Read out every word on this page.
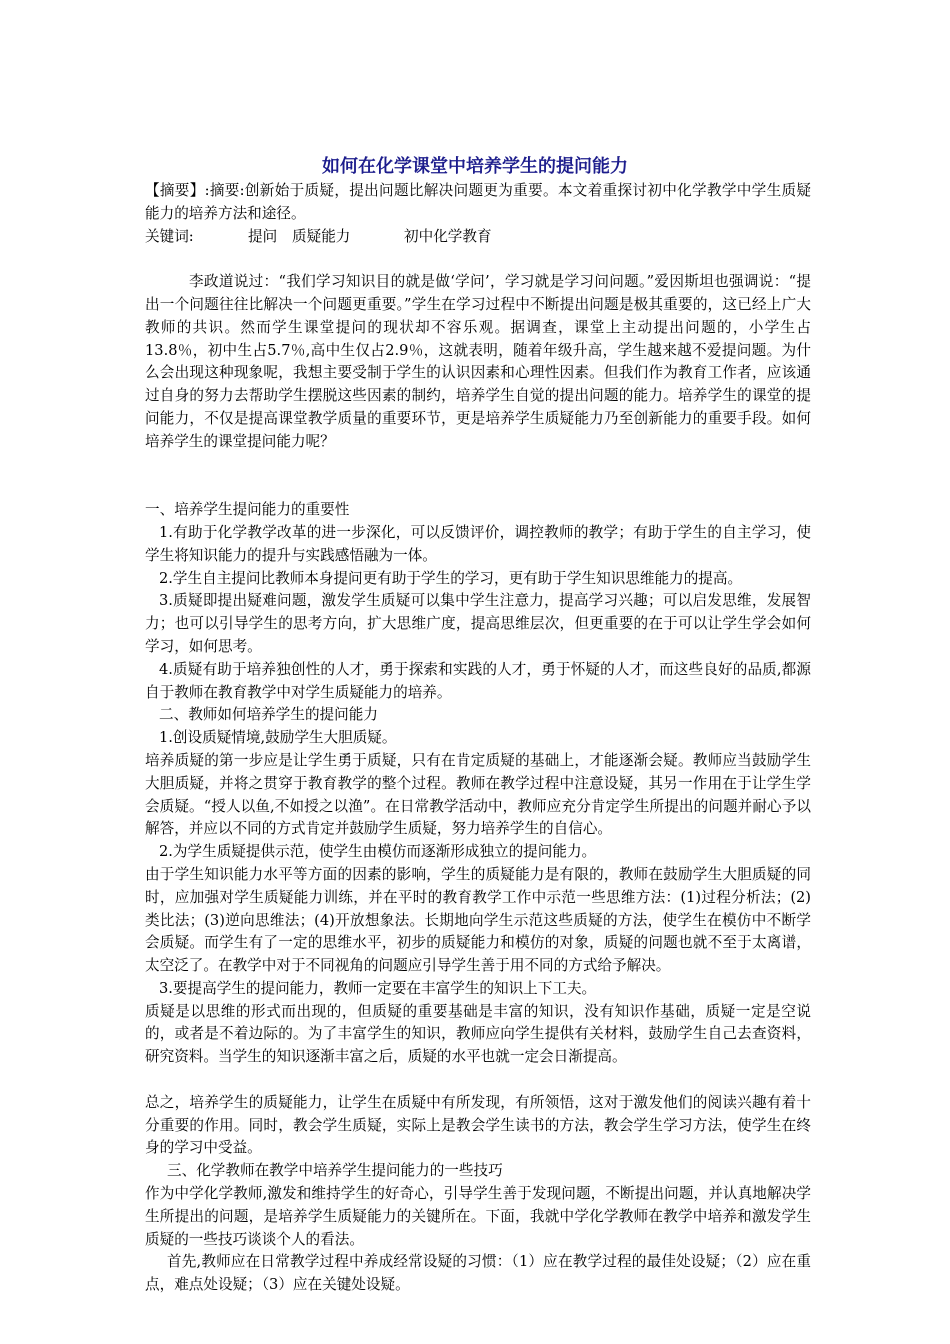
如何在化学课堂中培养学生的提问能力

【摘要】:摘要:创新始于质疑，提出问题比解决问题更为重要。本文着重探讨初中化学教学中学生质疑能力的培养方法和途径。

关键词:	提问 质疑能力	初中化学教育

李政道说过：“我们学习知识目的就是做‘学问’，学习就是学习问问题。”爱因斯坦也强调说：“提出一个问题往往比解决一个问题更重要。”学生在学习过程中不断提出问题是极其重要的，这已经上广大教师的共识。然而学生课堂提问的现状却不容乐观。据调查，课堂上主动提出问题的，小学生占13.8％，初中生占5.7％,高中生仅占2.9％，这就表明，随着年级升高，学生越来越不爱提问题。为什么会出现这种现象呢，我想主要受制于学生的认识因素和心理性因素。但我们作为教育工作者，应该通过自身的努力去帮助学生摆脱这些因素的制约，培养学生自觉的提出问题的能力。培养学生的课堂的提问能力，不仅是提高课堂教学质量的重要环节，更是培养学生质疑能力乃至创新能力的重要手段。如何培养学生的课堂提问能力呢？

一、培养学生提问能力的重要性

1.有助于化学教学改革的进一步深化，可以反馈评价，调控教师的教学；有助于学生的自主学习，使学生将知识能力的提升与实践感悟融为一体。

2.学生自主提问比教师本身提问更有助于学生的学习，更有助于学生知识思维能力的提高。

3.质疑即提出疑难问题，激发学生质疑可以集中学生注意力，提高学习兴趣；可以启发思维，发展智力；也可以引导学生的思考方向，扩大思维广度，提高思维层次，但更重要的在于可以让学生学会如何学习，如何思考。

4.质疑有助于培养独创性的人才，勇于探索和实践的人才，勇于怀疑的人才，而这些良好的品质,都源自于教师在教育教学中对学生质疑能力的培养。

二、教师如何培养学生的提问能力

1.创设质疑情境,鼓励学生大胆质疑。

培养质疑的第一步应是让学生勇于质疑，只有在肯定质疑的基础上，才能逐渐会疑。教师应当鼓励学生大胆质疑，并将之贯穿于教育教学的整个过程。教师在教学过程中注意设疑，其另一作用在于让学生学会质疑。“授人以鱼,不如授之以渔”。在日常教学活动中，教师应充分肯定学生所提出的问题并耐心予以解答，并应以不同的方式肯定并鼓励学生质疑，努力培养学生的自信心。

2.为学生质疑提供示范，使学生由模仿而逐渐形成独立的提问能力。

由于学生知识能力水平等方面的因素的影响，学生的质疑能力是有限的，教师在鼓励学生大胆质疑的同时，应加强对学生质疑能力训练，并在平时的教育教学工作中示范一些思维方法：(1)过程分析法；(2)类比法；(3)逆向思维法；(4)开放想象法。长期地向学生示范这些质疑的方法，使学生在模仿中不断学会质疑。而学生有了一定的思维水平，初步的质疑能力和模仿的对象，质疑的问题也就不至于太离谱，太空泛了。在教学中对于不同视角的问题应引导学生善于用不同的方式给予解决。

3.要提高学生的提问能力，教师一定要在丰富学生的知识上下工夫。

质疑是以思维的形式而出现的，但质疑的重要基础是丰富的知识，没有知识作基础，质疑一定是空说的，或者是不着边际的。为了丰富学生的知识，教师应向学生提供有关材料，鼓励学生自己去查资料，研究资料。当学生的知识逐渐丰富之后，质疑的水平也就一定会日渐提高。

总之，培养学生的质疑能力，让学生在质疑中有所发现，有所领悟，这对于激发他们的阅读兴趣有着十分重要的作用。同时，教会学生质疑，实际上是教会学生读书的方法，教会学生学习方法，使学生在终身的学习中受益。

三、化学教师在教学中培养学生提问能力的一些技巧

作为中学化学教师,激发和维持学生的好奇心，引导学生善于发现问题，不断提出问题，并认真地解决学生所提出的问题，是培养学生质疑能力的关键所在。下面，我就中学化学教师在教学中培养和激发学生质疑的一些技巧谈谈个人的看法。

首先,教师应在日常教学过程中养成经常设疑的习惯：（1）应在教学过程的最佳处设疑；（2）应在重点，难点处设疑；（3）应在关键处设疑。
